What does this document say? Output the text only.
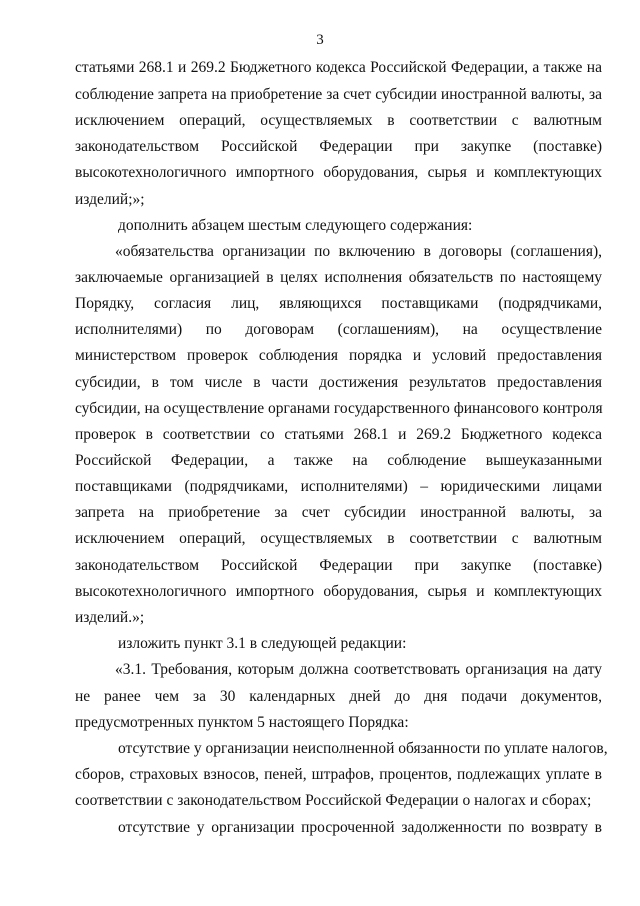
3
статьями 268.1 и 269.2 Бюджетного кодекса Российской Федерации, а также на
соблюдение запрета на приобретение за счет субсидии иностранной валюты, за
исключением операций, осуществляемых в соответствии с валютным
законодательством Российской Федерации при закупке (поставке)
высокотехнологичного импортного оборудования, сырья и комплектующих
изделий;»;
дополнить абзацем шестым следующего содержания:
«обязательства организации по включению в договоры (соглашения),
заключаемые организацией в целях исполнения обязательств по настоящему
Порядку, согласия лиц, являющихся поставщиками (подрядчиками,
исполнителями) по договорам (соглашениям), на осуществление
министерством проверок соблюдения порядка и условий предоставления
субсидии, в том числе в части достижения результатов предоставления
субсидии, на осуществление органами государственного финансового контроля
проверок в соответствии со статьями 268.1 и 269.2 Бюджетного кодекса
Российской Федерации, а также на соблюдение вышеуказанными
поставщиками (подрядчиками, исполнителями) – юридическими лицами
запрета на приобретение за счет субсидии иностранной валюты, за
исключением операций, осуществляемых в соответствии с валютным
законодательством Российской Федерации при закупке (поставке)
высокотехнологичного импортного оборудования, сырья и комплектующих
изделий.»;
изложить пункт 3.1 в следующей редакции:
«3.1. Требования, которым должна соответствовать организация на дату
не ранее чем за 30 календарных дней до дня подачи документов,
предусмотренных пунктом 5 настоящего Порядка:
отсутствие у организации неисполненной обязанности по уплате налогов,
сборов, страховых взносов, пеней, штрафов, процентов, подлежащих уплате в
соответствии с законодательством Российской Федерации о налогах и сборах;
отсутствие у организации просроченной задолженности по возврату в
